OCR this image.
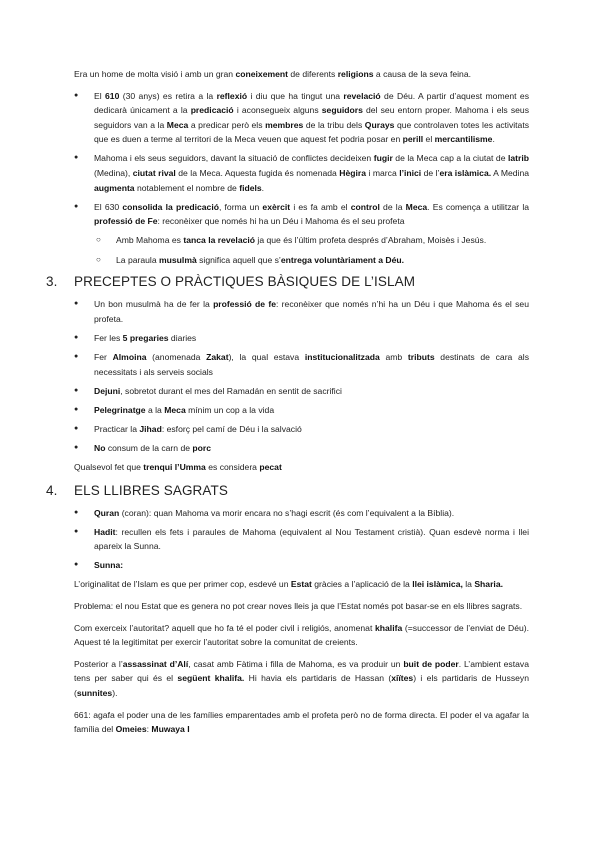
Era un home de molta visió i amb un gran coneixement de diferents religions a causa de la seva feina.

● El 610 (30 anys) es retira a la reflexió i diu que ha tingut una revelació de Déu. A partir d’aquest moment es dedicarà únicament a la predicació i aconsegueix alguns seguidors del seu entorn proper. Mahoma i els seus seguidors van a la Meca a predicar però els membres de la tribu dels Qurays que controlaven totes les activitats que es duen a terme al territori de la Meca veuen que aquest fet podria posar en perill el mercantilisme.
● Mahoma i els seus seguidors, davant la situació de conflictes decideixen fugir de la Meca cap a la ciutat de latrib (Medina), ciutat rival de la Meca. Aquesta fugida és nomenada Hègira i marca l’inici de l’era islàmica. A Medina augmenta notablement el nombre de fidels.
● El 630 consolida la predicació, forma un exèrcit i es fa amb el control de la Meca. Es comença a utilitzar la professió de Fe: reconèixer que només hi ha un Déu i Mahoma és el seu profeta
○ Amb Mahoma es tanca la revelació ja que és l’últim profeta després d’Abraham, Moisès i Jesús.
○ La paraula musulmà significa aquell que s’entrega voluntàriament a Déu.
3. PRECEPTES O PRÀCTIQUES BÀSIQUES DE L’ISLAM
● Un bon musulmà ha de fer la professió de fe: reconèixer que només n’hi ha un Déu i que Mahoma és el seu profeta.
● Fer les 5 pregaries diaries
● Fer Almoina (anomenada Zakat), la qual estava institucionalitzada amb tributs destinats de cara als necessitats i als serveis socials
● Dejuni, sobretot durant el mes del Ramadán en sentit de sacrifici
● Pelegrinatge a la Meca mínim un cop a la vida
● Practicar la Jihad: esforç pel camí de Déu i la salvació
● No consum de la carn de porc

Qualsevol fet que trenqui l’Umma es considera pecat

4. ELS LLIBRES SAGRATS
● Quran (coran): quan Mahoma va morir encara no s’hagi escrit (és com l’equivalent a la Bíblia).
● Hadit: recullen els fets i paraules de Mahoma (equivalent al Nou Testament cristià). Quan esdevè norma i llei apareix la Sunna.
● Sunna:

L’originalitat de l’Islam es que per primer cop, esdevé un Estat gràcies a l’aplicació de la llei islàmica, la Sharia.

Problema: el nou Estat que es genera no pot crear noves lleis ja que l’Estat només pot basar-se en els llibres sagrats.

Com exerceix l’autoritat? aquell que ho fa té el poder civil i religiós, anomenat khalifa (=successor de l’enviat de Déu). Aquest té la legitimitat per exercir l’autoritat sobre la comunitat de creients.

Posterior a l’assassinat d’Alí, casat amb Fàtima i filla de Mahoma, es va produir un buit de poder. L’ambient estava tens per saber qui és el següent khalifa. Hi havia els partidaris de Hassan (xiïtes) i els partidaris de Husseyn (sunnites).

661: agafa el poder una de les famílies emparentades amb el profeta però no de forma directa. El poder el va agafar la família del Omeies: Muwaya I
